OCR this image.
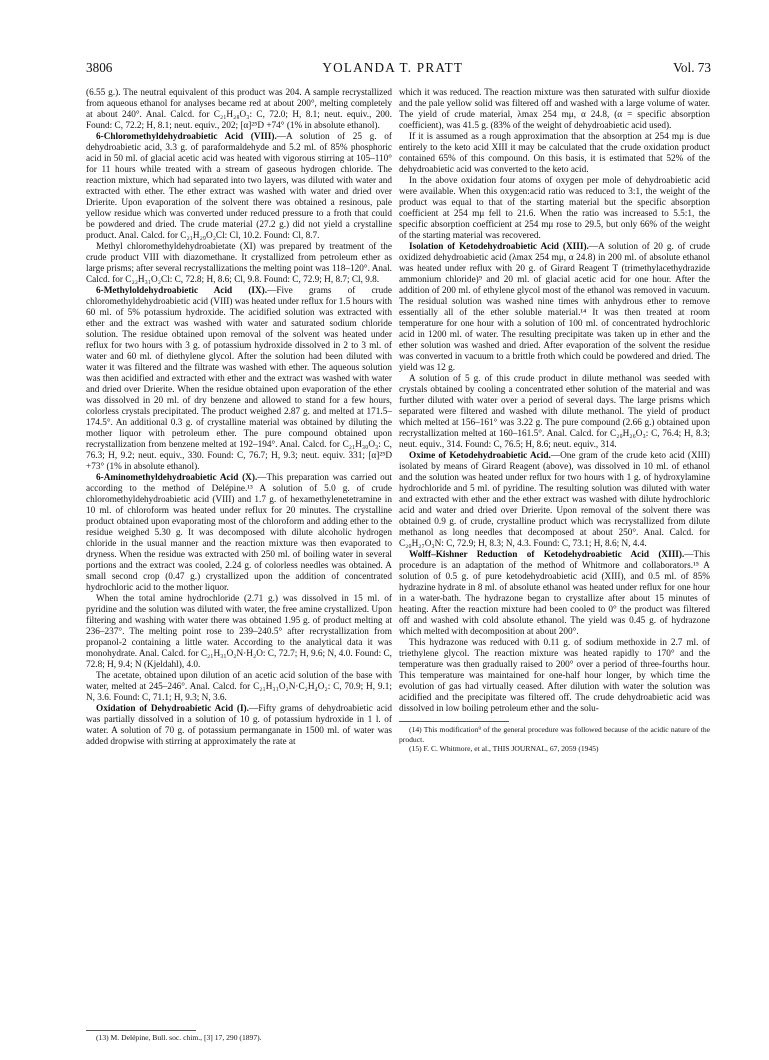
3806	YOLANDA T. PRATT	Vol. 73

(6.55 g.). The neutral equivalent of this product was 204. A sample recrystallized from aqueous ethanol for analyses became red at about 200°, melting completely at about 240°. Anal. Calcd. for C₂₁H₂₈O₃: C, 72.0; H, 8.1; neut. equiv., 200. Found: C, 72.2; H, 8.1; neut. equiv., 202; [α]²⁵D +74° (1% in absolute ethanol).

6-Chloromethyldehydroabietic Acid (VIII).—A solution of 25 g. of dehydroabietic acid, 3.3 g. of paraformaldehyde and 5.2 ml. of 85% phosphoric acid in 50 ml. of glacial acetic acid was heated with vigorous stirring at 105–110° for 11 hours while treated with a stream of gaseous hydrogen chloride. The reaction mixture, which had separated into two layers, was diluted with water and extracted with ether. The ether extract was washed with water and dried over Drierite. Upon evaporation of the solvent there was obtained a resinous, pale yellow residue which was converted under reduced pressure to a froth that could be powdered and dried. The crude material (27.2 g.) did not yield a crystalline product. Anal. Calcd. for C₂₁H₂₉O₂Cl: Cl, 10.2. Found: Cl, 8.7.

Methyl chloromethyldehydroabietate (XI) was prepared by treatment of the crude product VIII with diazomethane. It crystallized from petroleum ether as large prisms; after several recrystallizations the melting point was 118–120°. Anal. Calcd. for C₂₂H₃₁O₂Cl: C, 72.8; H, 8.6; Cl, 9.8. Found: C, 72.9; H, 8.7; Cl, 9.8.

6-Methyloldehydroabietic Acid (IX).—Five grams of crude chloromethyldehydroabietic acid (VIII) was heated under reflux for 1.5 hours with 60 ml. of 5% potassium hydroxide. The acidified solution was extracted with ether and the extract was washed with water and saturated sodium chloride solution. The residue obtained upon removal of the solvent was heated under reflux for two hours with 3 g. of potassium hydroxide dissolved in 2 to 3 ml. of water and 60 ml. of diethylene glycol. After the solution had been diluted with water it was filtered and the filtrate was washed with ether. The aqueous solution was then acidified and extracted with ether and the extract was washed with water and dried over Drierite. When the residue obtained upon evaporation of the ether was dissolved in 20 ml. of dry benzene and allowed to stand for a few hours, colorless crystals precipitated. The product weighed 2.87 g. and melted at 171.5–174.5°. An additional 0.3 g. of crystalline material was obtained by diluting the mother liquor with petroleum ether. The pure compound obtained upon recrystallization from benzene melted at 192–194°. Anal. Calcd. for C₂₁H₃₀O₃: C, 76.3; H, 9.2; neut. equiv., 330. Found: C, 76.7; H, 9.3; neut. equiv. 331; [α]²⁵D +73° (1% in absolute ethanol).

6-Aminomethyldehydroabietic Acid (X).—This preparation was carried out according to the method of Delépine.¹³ A solution of 5.0 g. of crude chloromethyldehydroabietic acid (VIII) and 1.7 g. of hexamethylenetetramine in 10 ml. of chloroform was heated under reflux for 20 minutes. The crystalline product obtained upon evaporating most of the chloroform and adding ether to the residue weighed 5.30 g. It was decomposed with dilute alcoholic hydrogen chloride in the usual manner and the reaction mixture was then evaporated to dryness. When the residue was extracted with 250 ml. of boiling water in several portions and the extract was cooled, 2.24 g. of colorless needles was obtained. A small second crop (0.47 g.) crystallized upon the addition of concentrated hydrochloric acid to the mother liquor.

When the total amine hydrochloride (2.71 g.) was dissolved in 15 ml. of pyridine and the solution was diluted with water, the free amine crystallized. Upon filtering and washing with water there was obtained 1.95 g. of product melting at 236–237°. The melting point rose to 239–240.5° after recrystallization from propanol-2 containing a little water. According to the analytical data it was monohydrate. Anal. Calcd. for C₂₁H₃₁O₂N·H₂O: C, 72.7; H, 9.6; N, 4.0. Found: C, 72.8; H, 9.4; N (Kjeldahl), 4.0.

The acetate, obtained upon dilution of an acetic acid solution of the base with water, melted at 245–246°. Anal. Calcd. for C₂₁H₃₁O₂N·C₂H₄O₂: C, 70.9; H, 9.1; N, 3.6. Found: C, 71.1; H, 9.3; N, 3.6.

Oxidation of Dehydroabietic Acid (I).—Fifty grams of dehydroabietic acid was partially dissolved in a solution of 10 g. of potassium hydroxide in 1 l. of water. A solution of 70 g. of potassium permanganate in 1500 ml. of water was added dropwise with stirring at approximately the rate at

which it was reduced. The reaction mixture was then saturated with sulfur dioxide and the pale yellow solid was filtered off and washed with a large volume of water. The yield of crude material, λmax 254 mμ, α 24.8, (α = specific absorption coefficient), was 41.5 g. (83% of the weight of dehydroabietic acid used).

If it is assumed as a rough approximation that the absorption at 254 mμ is due entirely to the keto acid XIII it may be calculated that the crude oxidation product contained 65% of this compound. On this basis, it is estimated that 52% of the dehydroabietic acid was converted to the keto acid.

In the above oxidation four atoms of oxygen per mole of dehydroabietic acid were available. When this oxygen:acid ratio was reduced to 3:1, the weight of the product was equal to that of the starting material but the specific absorption coefficient at 254 mμ fell to 21.6. When the ratio was increased to 5.5:1, the specific absorption coefficient at 254 mμ rose to 29.5, but only 66% of the weight of the starting material was recovered.

Isolation of Ketodehydroabietic Acid (XIII).—A solution of 20 g. of crude oxidized dehydroabietic acid (λmax 254 mμ, α 24.8) in 200 ml. of absolute ethanol was heated under reflux with 20 g. of Girard Reagent T (trimethylacethydrazide ammonium chloride)⁹ and 20 ml. of glacial acetic acid for one hour. After the addition of 200 ml. of ethylene glycol most of the ethanol was removed in vacuum. The residual solution was washed nine times with anhydrous ether to remove essentially all of the ether soluble material.¹⁴ It was then treated at room temperature for one hour with a solution of 100 ml. of concentrated hydrochloric acid in 1200 ml. of water. The resulting precipitate was taken up in ether and the ether solution was washed and dried. After evaporation of the solvent the residue was converted in vacuum to a brittle froth which could be powdered and dried. The yield was 12 g.

A solution of 5 g. of this crude product in dilute methanol was seeded with crystals obtained by cooling a concentrated ether solution of the material and was further diluted with water over a period of several days. The large prisms which separated were filtered and washed with dilute methanol. The yield of product which melted at 156–161° was 3.22 g. The pure compound (2.66 g.) obtained upon recrystallization melted at 160–161.5°. Anal. Calcd. for C₂₀H₂₆O₃: C, 76.4; H, 8.3; neut. equiv., 314. Found: C, 76.5; H, 8.6; neut. equiv., 314.

Oxime of Ketodehydroabietic Acid.—One gram of the crude keto acid (XIII) isolated by means of Girard Reagent (above), was dissolved in 10 ml. of ethanol and the solution was heated under reflux for two hours with 1 g. of hydroxylamine hydrochloride and 5 ml. of pyridine. The resulting solution was diluted with water and extracted with ether and the ether extract was washed with dilute hydrochloric acid and water and dried over Drierite. Upon removal of the solvent there was obtained 0.9 g. of crude, crystalline product which was recrystallized from dilute methanol as long needles that decomposed at about 250°. Anal. Calcd. for C₂₀H₂₇O₃N: C, 72.9; H, 8.3; N, 4.3. Found: C, 73.1; H, 8.6; N, 4.4.

Wolff–Kishner Reduction of Ketodehydroabietic Acid (XIII).—This procedure is an adaptation of the method of Whitmore and collaborators.¹⁵ A solution of 0.5 g. of pure ketodehydroabietic acid (XIII), and 0.5 ml. of 85% hydrazine hydrate in 8 ml. of absolute ethanol was heated under reflux for one hour in a water-bath. The hydrazone began to crystallize after about 15 minutes of heating. After the reaction mixture had been cooled to 0° the product was filtered off and washed with cold absolute ethanol. The yield was 0.45 g. of hydrazone which melted with decomposition at about 200°.

This hydrazone was reduced with 0.11 g. of sodium methoxide in 2.7 ml. of triethylene glycol. The reaction mixture was heated rapidly to 170° and the temperature was then gradually raised to 200° over a period of three-fourths hour. This temperature was maintained for one-half hour longer, by which time the evolution of gas had virtually ceased. After dilution with water the solution was acidified and the precipitate was filtered off. The crude dehydroabietic acid was dissolved in low boiling petroleum ether and the solu-

(14) This modification⁹ of the general procedure was followed because of the acidic nature of the product.

(15) F. C. Whitmore, et al., THIS JOURNAL, 67, 2059 (1945)

(13) M. Delépine, Bull. soc. chim., [3] 17, 290 (1897).
